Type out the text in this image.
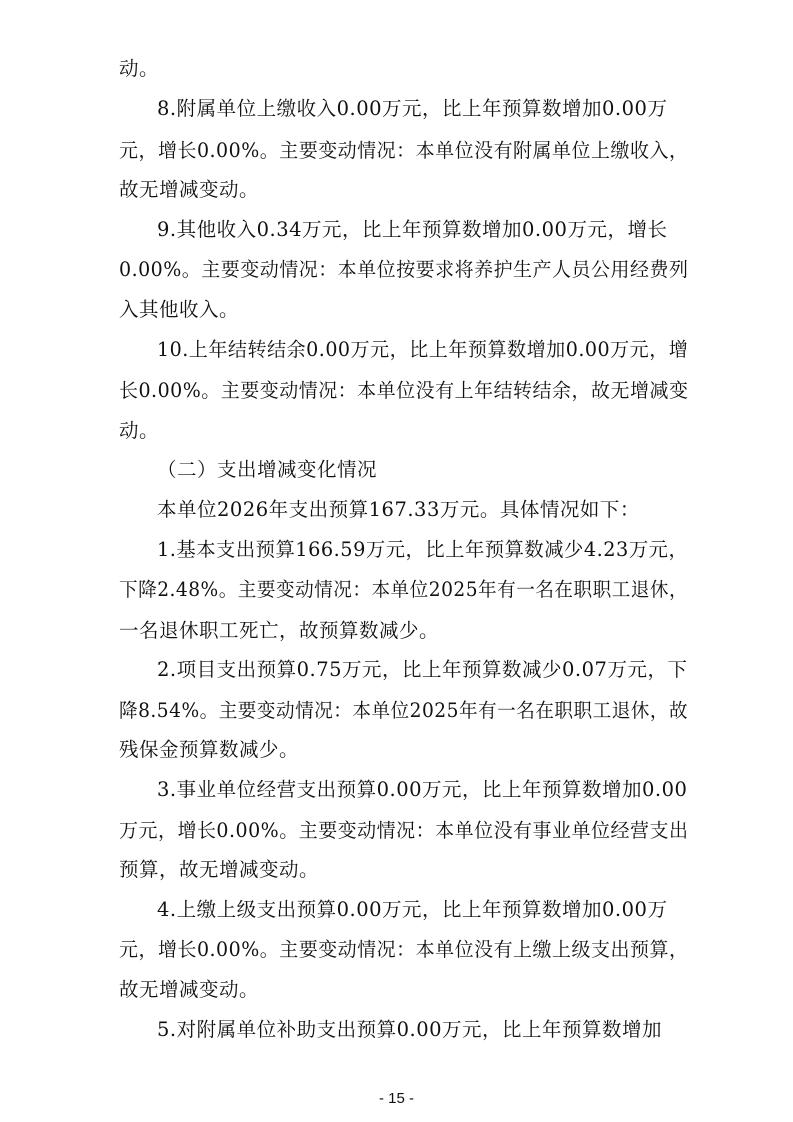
动。
8.附属单位上缴收入0.00万元，比上年预算数增加0.00万
元，增长0.00%。主要变动情况：本单位没有附属单位上缴收入，
故无增减变动。
9.其他收入0.34万元，比上年预算数增加0.00万元，增长
0.00%。主要变动情况：本单位按要求将养护生产人员公用经费列
入其他收入。
10.上年结转结余0.00万元，比上年预算数增加0.00万元，增
长0.00%。主要变动情况：本单位没有上年结转结余，故无增减变
动。
（二）支出增减变化情况
本单位2026年支出预算167.33万元。具体情况如下：
1.基本支出预算166.59万元，比上年预算数减少4.23万元，
下降2.48%。主要变动情况：本单位2025年有一名在职职工退休，
一名退休职工死亡，故预算数减少。
2.项目支出预算0.75万元，比上年预算数减少0.07万元，下
降8.54%。主要变动情况：本单位2025年有一名在职职工退休，故
残保金预算数减少。
3.事业单位经营支出预算0.00万元，比上年预算数增加0.00
万元，增长0.00%。主要变动情况：本单位没有事业单位经营支出
预算，故无增减变动。
4.上缴上级支出预算0.00万元，比上年预算数增加0.00万
元，增长0.00%。主要变动情况：本单位没有上缴上级支出预算，
故无增减变动。
5.对附属单位补助支出预算0.00万元，比上年预算数增加
- 15 -
